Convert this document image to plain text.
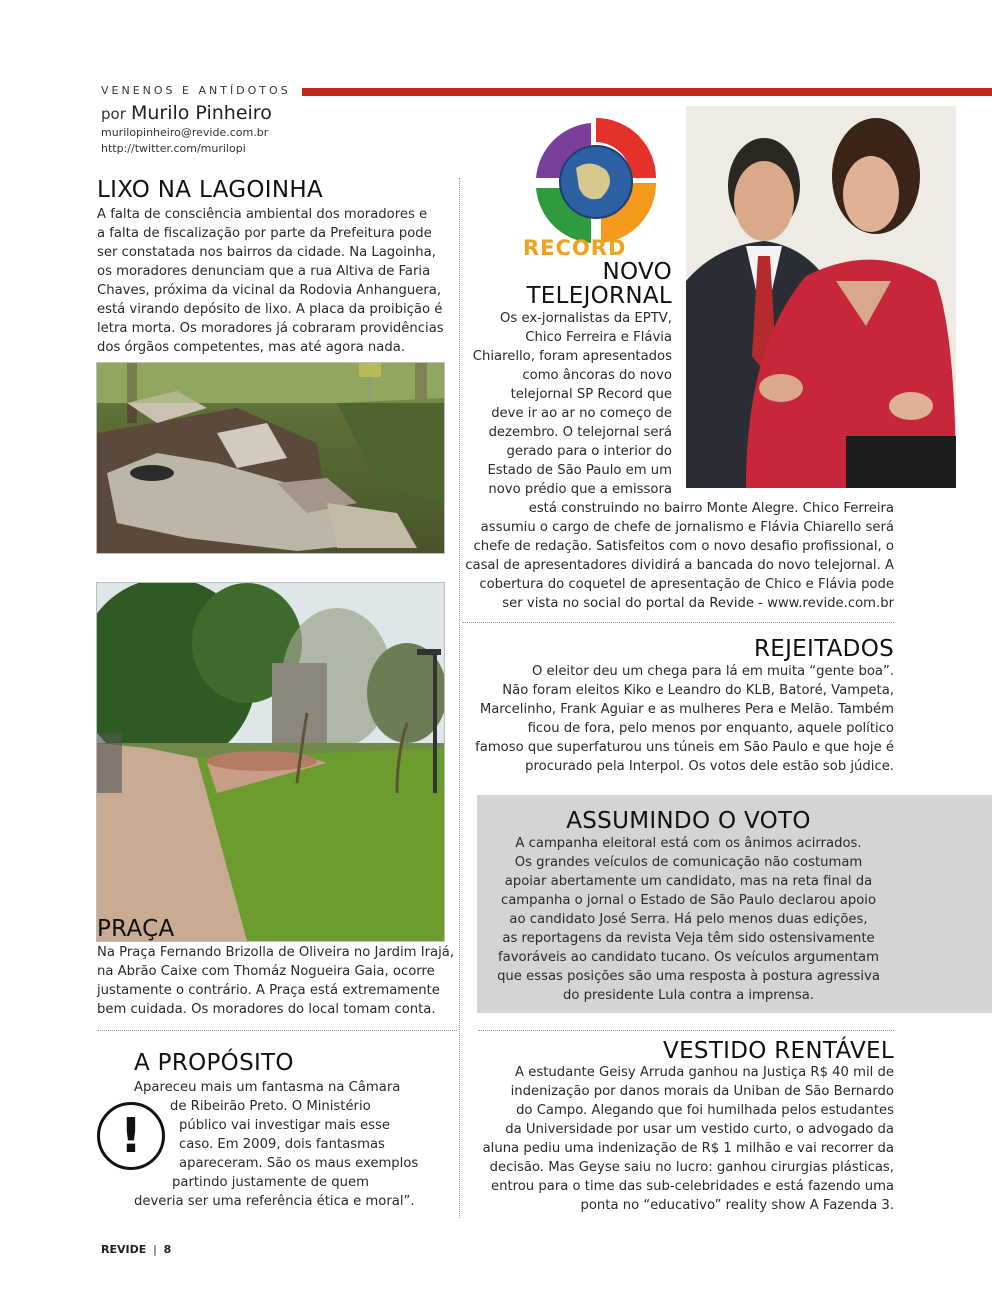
VENENOS E ANTÍDOTOS
por Murilo Pinheiro
murilopinheiro@revide.com.br
http://twitter.com/murilopi
LIXO NA LAGOINHA
A falta de consciência ambiental dos moradores e
a falta de fiscalização por parte da Prefeitura pode
ser constatada nos bairros da cidade. Na Lagoinha,
os moradores denunciam que a rua Altiva de Faria
Chaves, próxima da vicinal da Rodovia Anhanguera,
está virando depósito de lixo. A placa da proibição é
letra morta. Os moradores já cobraram providências
dos órgãos competentes, mas até agora nada.
RECORD
NOVO
TELEJORNAL
Os ex-jornalistas da EPTV,
Chico Ferreira e Flávia
Chiarello, foram apresentados
como âncoras do novo
telejornal SP Record que
deve ir ao ar no começo de
dezembro. O telejornal será
gerado para o interior do
Estado de São Paulo em um
novo prédio que a emissora
está construindo no bairro Monte Alegre. Chico Ferreira
assumiu o cargo de chefe de jornalismo e Flávia Chiarello será
chefe de redação. Satisfeitos com o novo desafio profissional, o
casal de apresentadores dividirá a bancada do novo telejornal. A
cobertura do coquetel de apresentação de Chico e Flávia pode
ser vista no social do portal da Revide - www.revide.com.br
REJEITADOS
O eleitor deu um chega para lá em muita “gente boa”.
Não foram eleitos Kiko e Leandro do KLB, Batoré, Vampeta,
Marcelinho, Frank Aguiar e as mulheres Pera e Melão. Também
ficou de fora, pelo menos por enquanto, aquele político
famoso que superfaturou uns túneis em São Paulo e que hoje é
procurado pela Interpol. Os votos dele estão sob júdice.
PRAÇA
Na Praça Fernando Brizolla de Oliveira no Jardim Irajá,
na Abrão Caixe com Thomáz Nogueira Gaia, ocorre
justamente o contrário. A Praça está extremamente
bem cuidada. Os moradores do local tomam conta.
ASSUMINDO O VOTO
A campanha eleitoral está com os ânimos acirrados.
Os grandes veículos de comunicação não costumam
apoiar abertamente um candidato, mas na reta final da
campanha o jornal o Estado de São Paulo declarou apoio
ao candidato José Serra. Há pelo menos duas edições,
as reportagens da revista Veja têm sido ostensivamente
favoráveis ao candidato tucano. Os veículos argumentam
que essas posições são uma resposta à postura agressiva
do presidente Lula contra a imprensa.
A PROPÓSITO
!
Apareceu mais um fantasma na Câmara
de Ribeirão Preto. O Ministério
público vai investigar mais esse
caso. Em 2009, dois fantasmas
apareceram. São os maus exemplos
partindo justamente de quem
deveria ser uma referência ética e moral”.
VESTIDO RENTÁVEL
A estudante Geisy Arruda ganhou na Justiça R$ 40 mil de
indenização por danos morais da Uniban de São Bernardo
do Campo. Alegando que foi humilhada pelos estudantes
da Universidade por usar um vestido curto, o advogado da
aluna pediu uma indenização de R$ 1 milhão e vai recorrer da
decisão. Mas Geyse saiu no lucro: ganhou cirurgias plásticas,
entrou para o time das sub-celebridades e está fazendo uma
ponta no “educativo” reality show A Fazenda 3.
REVIDE | 8
